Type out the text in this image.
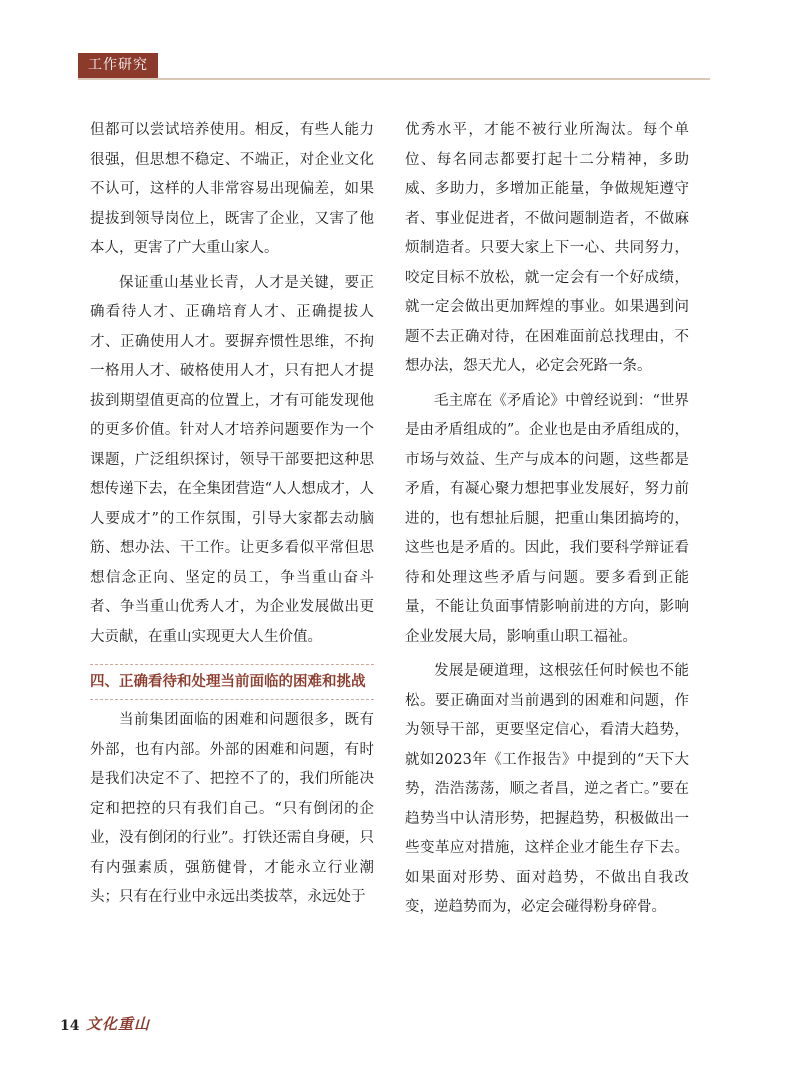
工作研究

但都可以尝试培养使用。相反，有些人能力很强，但思想不稳定、不端正，对企业文化不认可，这样的人非常容易出现偏差，如果提拔到领导岗位上，既害了企业，又害了他本人，更害了广大重山家人。

保证重山基业长青，人才是关键，要正确看待人才、正确培育人才、正确提拔人才、正确使用人才。要摒弃惯性思维，不拘一格用人才、破格使用人才，只有把人才提拔到期望值更高的位置上，才有可能发现他的更多价值。针对人才培养问题要作为一个课题，广泛组织探讨，领导干部要把这种思想传递下去，在全集团营造“人人想成才，人人要成才”的工作氛围，引导大家都去动脑筋、想办法、干工作。让更多看似平常但思想信念正向、坚定的员工，争当重山奋斗者、争当重山优秀人才，为企业发展做出更大贡献，在重山实现更大人生价值。

四、正确看待和处理当前面临的困难和挑战

当前集团面临的困难和问题很多，既有外部，也有内部。外部的困难和问题，有时是我们决定不了、把控不了的，我们所能决定和把控的只有我们自己。“只有倒闭的企业，没有倒闭的行业”。打铁还需自身硬，只有内强素质，强筋健骨，才能永立行业潮头；只有在行业中永远出类拔萃，永远处于

优秀水平，才能不被行业所淘汰。每个单位、每名同志都要打起十二分精神，多助威、多助力，多增加正能量，争做规矩遵守者、事业促进者，不做问题制造者，不做麻烦制造者。只要大家上下一心、共同努力，咬定目标不放松，就一定会有一个好成绩，就一定会做出更加辉煌的事业。如果遇到问题不去正确对待，在困难面前总找理由，不想办法，怨天尤人，必定会死路一条。

毛主席在《矛盾论》中曾经说到：“世界是由矛盾组成的”。企业也是由矛盾组成的，市场与效益、生产与成本的问题，这些都是矛盾，有凝心聚力想把事业发展好，努力前进的，也有想扯后腿，把重山集团搞垮的，这些也是矛盾的。因此，我们要科学辩证看待和处理这些矛盾与问题。要多看到正能量，不能让负面事情影响前进的方向，影响企业发展大局，影响重山职工福祉。

发展是硬道理，这根弦任何时候也不能松。要正确面对当前遇到的困难和问题，作为领导干部，更要坚定信心，看清大趋势，就如2023年《工作报告》中提到的“天下大势，浩浩荡荡，顺之者昌，逆之者亡。”要在趋势当中认清形势，把握趋势，积极做出一些变革应对措施，这样企业才能生存下去。如果面对形势、面对趋势，不做出自我改变，逆趋势而为，必定会碰得粉身碎骨。

14 文化重山
